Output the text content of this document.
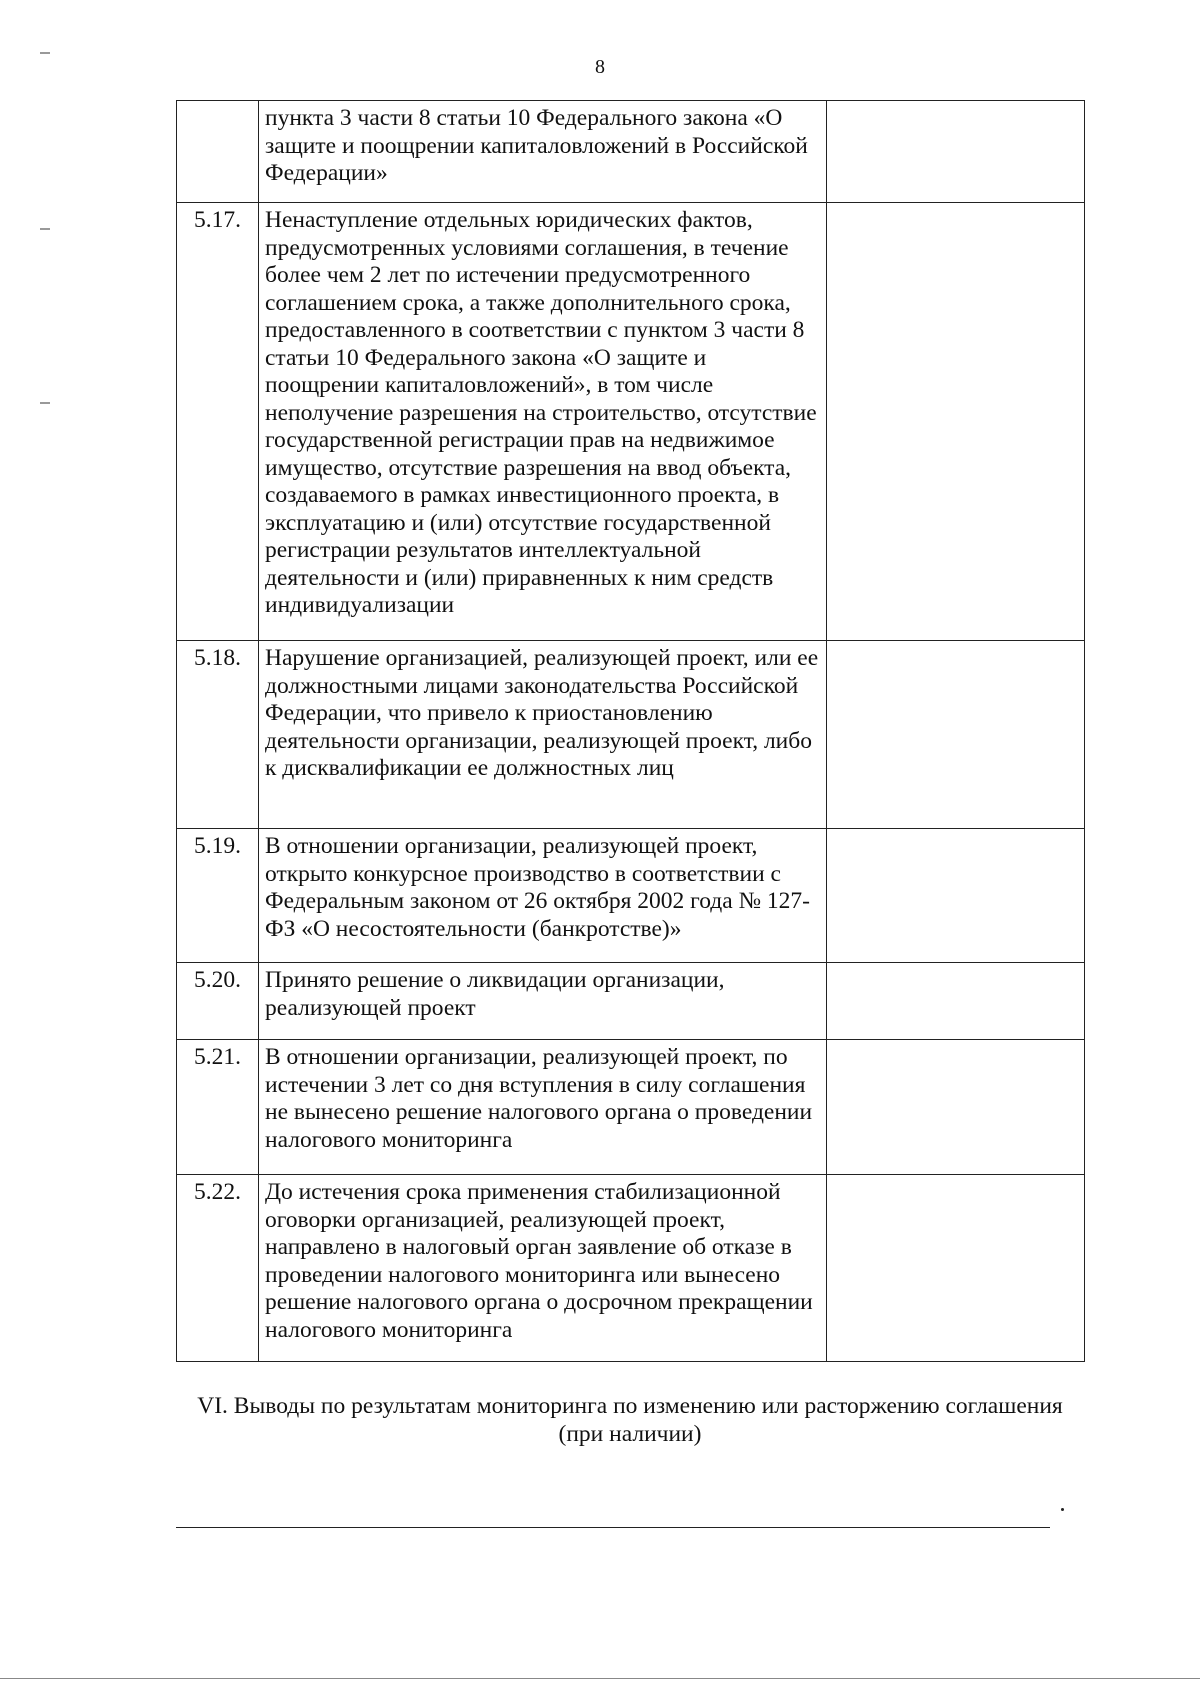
8
	пункта 3 части 8 статьи 10 Федерального закона «О защите и поощрении капиталовложений в Российской Федерации»	
5.17.	Ненаступление отдельных юридических фактов, предусмотренных условиями соглашения, в течение более чем 2 лет по истечении предусмотренного соглашением срока, а также дополнительного срока, предоставленного в соответствии с пунктом 3 части 8 статьи 10 Федерального закона «О защите и поощрении капиталовложений», в том числе неполучение разрешения на строительство, отсутствие государственной регистрации прав на недвижимое имущество, отсутствие разрешения на ввод объекта, создаваемого в рамках инвестиционного проекта, в эксплуатацию и (или) отсутствие государственной регистрации результатов интеллектуальной деятельности и (или) приравненных к ним средств индивидуализации	
5.18.	Нарушение организацией, реализующей проект, или ее должностными лицами законодательства Российской Федерации, что привело к приостановлению деятельности организации, реализующей проект, либо к дисквалификации ее должностных лиц	
5.19.	В отношении организации, реализующей проект, открыто конкурсное производство в соответствии с Федеральным законом от 26 октября 2002 года № 127-ФЗ «О несостоятельности (банкротстве)»	
5.20.	Принято решение о ликвидации организации, реализующей проект	
5.21.	В отношении организации, реализующей проект, по истечении 3 лет со дня вступления в силу соглашения не вынесено решение налогового органа о проведении налогового мониторинга	
5.22.	До истечения срока применения стабилизационной оговорки организацией, реализующей проект, направлено в налоговый орган заявление об отказе в проведении налогового мониторинга или вынесено решение налогового органа о досрочном прекращении налогового мониторинга	
VI. Выводы по результатам мониторинга по изменению или расторжению соглашения
(при наличии)
